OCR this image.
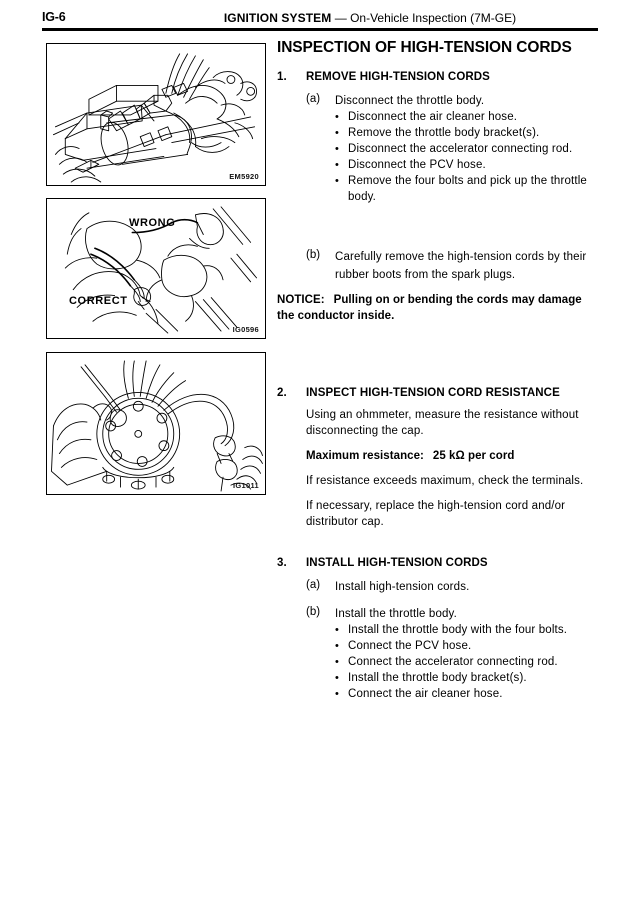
IG-6	IGNITION SYSTEM — On-Vehicle Inspection (7M-GE)
EM5920
WRONG
CORRECT
IG0596
IG1011
INSPECTION OF HIGH-TENSION CORDS
1. REMOVE HIGH-TENSION CORDS
(a) Disconnect the throttle body.
• Disconnect the air cleaner hose.
• Remove the throttle body bracket(s).
• Disconnect the accelerator connecting rod.
• Disconnect the PCV hose.
• Remove the four bolts and pick up the throttle body.
(b) Carefully remove the high-tension cords by their rubber boots from the spark plugs.
NOTICE: Pulling on or bending the cords may damage the conductor inside.
2. INSPECT HIGH-TENSION CORD RESISTANCE
Using an ohmmeter, measure the resistance without disconnecting the cap.
Maximum resistance: 25 kΩ per cord
If resistance exceeds maximum, check the terminals.
If necessary, replace the high-tension cord and/or distributor cap.
3. INSTALL HIGH-TENSION CORDS
(a) Install high-tension cords.
(b) Install the throttle body.
• Install the throttle body with the four bolts.
• Connect the PCV hose.
• Connect the accelerator connecting rod.
• Install the throttle body bracket(s).
• Connect the air cleaner hose.
